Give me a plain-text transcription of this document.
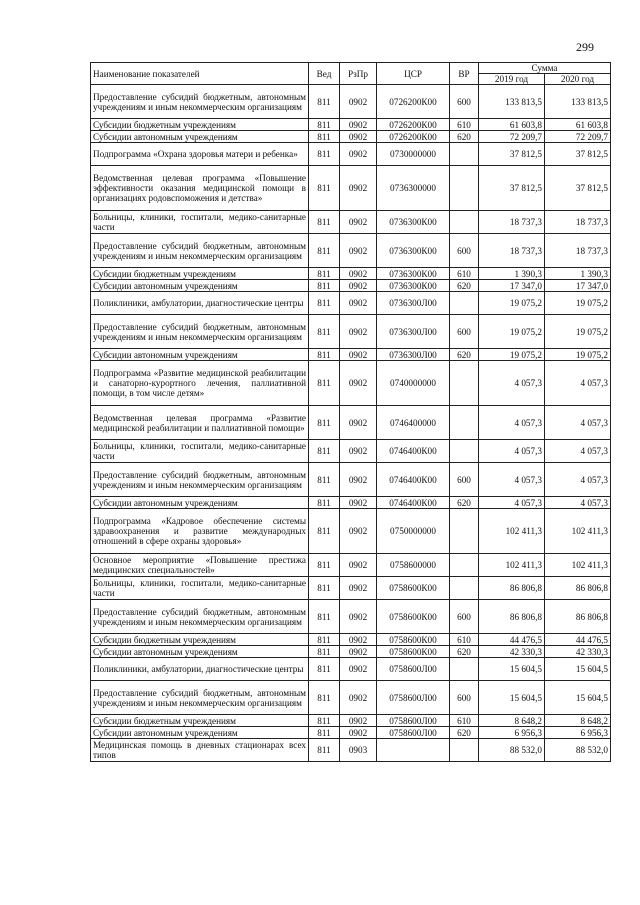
299
Наименование показателей	Вед	РзПр	ЦСР	ВР	Сумма	
					2019 год	2020 год
Предоставление субсидий бюджетным, автономным учреждениям и иным некоммерческим организациям	811	0902	0726200К00	600	133 813,5	133 813,5
Субсидии бюджетным учреждениям	811	0902	0726200К00	610	61 603,8	61 603,8
Субсидии автономным учреждениям	811	0902	0726200К00	620	72 209,7	72 209,7
Подпрограмма «Охрана здоровья матери и ребенка»	811	0902	0730000000		37 812,5	37 812,5
Ведомственная целевая программа «Повышение эффективности оказания медицинской помощи в организациях родовспоможения и детства»	811	0902	0736300000		37 812,5	37 812,5
Больницы, клиники, госпитали, медико-санитарные части	811	0902	0736300К00		18 737,3	18 737,3
Предоставление субсидий бюджетным, автономным учреждениям и иным некоммерческим организациям	811	0902	0736300К00	600	18 737,3	18 737,3
Субсидии бюджетным учреждениям	811	0902	0736300К00	610	1 390,3	1 390,3
Субсидии автономным учреждениям	811	0902	0736300К00	620	17 347,0	17 347,0
Поликлиники, амбулатории, диагностические центры	811	0902	0736300Л00		19 075,2	19 075,2
Предоставление субсидий бюджетным, автономным учреждениям и иным некоммерческим организациям	811	0902	0736300Л00	600	19 075,2	19 075,2
Субсидии автономным учреждениям	811	0902	0736300Л00	620	19 075,2	19 075,2
Подпрограмма «Развитие медицинской реабилитации и санаторно-курортного лечения, паллиативной помощи, в том числе детям»	811	0902	0740000000		4 057,3	4 057,3
Ведомственная целевая программа «Развитие медицинской реабилитации и паллиативной помощи»	811	0902	0746400000		4 057,3	4 057,3
Больницы, клиники, госпитали, медико-санитарные части	811	0902	0746400К00		4 057,3	4 057,3
Предоставление субсидий бюджетным, автономным учреждениям и иным некоммерческим организациям	811	0902	0746400К00	600	4 057,3	4 057,3
Субсидии автономным учреждениям	811	0902	0746400К00	620	4 057,3	4 057,3
Подпрограмма «Кадровое обеспечение системы здравоохранения и развитие международных отношений в сфере охраны здоровья»	811	0902	0750000000		102 411,3	102 411,3
Основное мероприятие «Повышение престижа медицинских специальностей»	811	0902	0758600000		102 411,3	102 411,3
Больницы, клиники, госпитали, медико-санитарные части	811	0902	0758600К00		86 806,8	86 806,8
Предоставление субсидий бюджетным, автономным учреждениям и иным некоммерческим организациям	811	0902	0758600К00	600	86 806,8	86 806,8
Субсидии бюджетным учреждениям	811	0902	0758600К00	610	44 476,5	44 476,5
Субсидии автономным учреждениям	811	0902	0758600К00	620	42 330,3	42 330,3
Поликлиники, амбулатории, диагностические центры	811	0902	0758600Л00		15 604,5	15 604,5
Предоставление субсидий бюджетным, автономным учреждениям и иным некоммерческим организациям	811	0902	0758600Л00	600	15 604,5	15 604,5
Субсидии бюджетным учреждениям	811	0902	0758600Л00	610	8 648,2	8 648,2
Субсидии автономным учреждениям	811	0902	0758600Л00	620	6 956,3	6 956,3
Медицинская помощь в дневных стационарах всех типов	811	0903			88 532,0	88 532,0
